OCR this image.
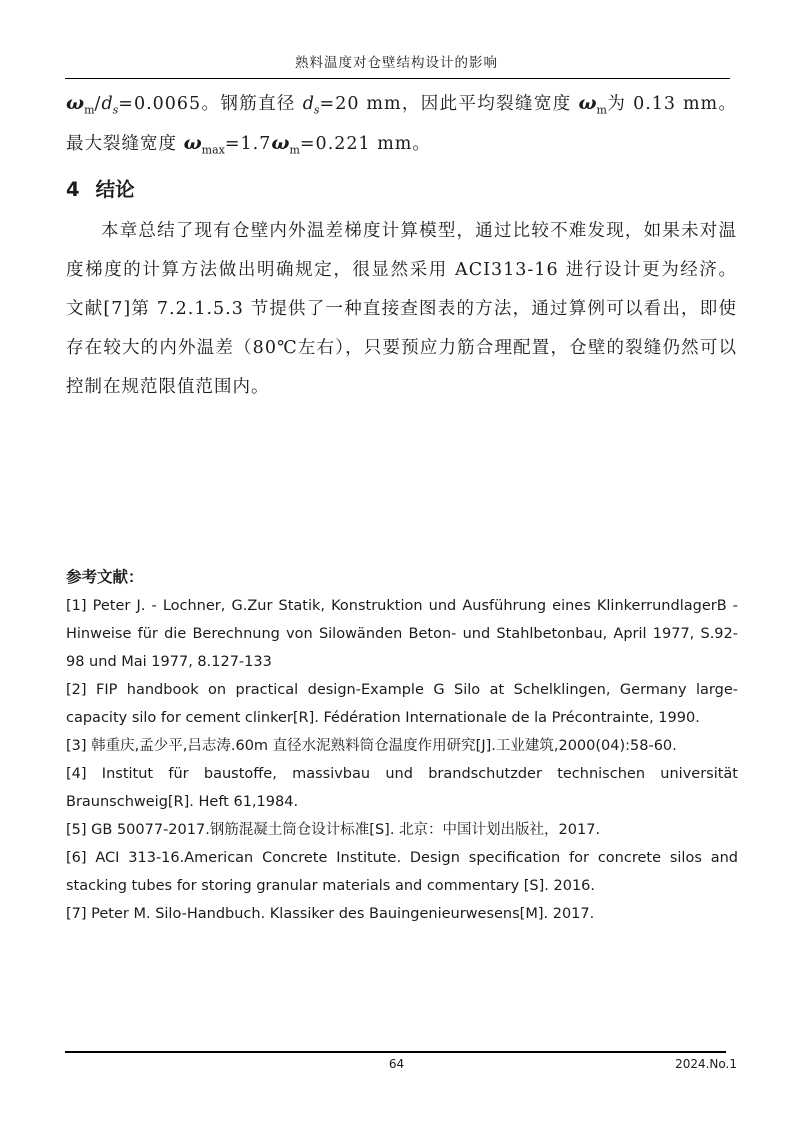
熟料温度对仓壁结构设计的影响

$\omega_m/d_s=0.0065$。钢筋直径 $d_s=20$ mm，因此平均裂缝宽度 $\omega_m$为 0.13 mm。最大裂缝宽度 $\omega_{max}=1.7\omega_m=0.221$ mm。

4 结论

本章总结了现有仓壁内外温差梯度计算模型，通过比较不难发现，如果未对温度梯度的计算方法做出明确规定，很显然采用 ACI313-16 进行设计更为经济。文献[7]第 7.2.1.5.3 节提供了一种直接查图表的方法，通过算例可以看出，即使存在较大的内外温差（80℃左右），只要预应力筋合理配置，仓壁的裂缝仍然可以控制在规范限值范围内。

参考文献：

[1] Peter J. - Lochner, G.Zur Statik, Konstruktion und Ausführung eines KlinkerrundlagerB - Hinweise für die Berechnung von Silowänden Beton- und Stahlbetonbau, April 1977, S.92-98 und Mai 1977, 8.127-133

[2] FIP handbook on practical design-Example G Silo at Schelklingen, Germany large-capacity silo for cement clinker[R]. Fédération Internationale de la Précontrainte, 1990.

[3] 韩重庆,孟少平,吕志涛.60m 直径水泥熟料筒仓温度作用研究[J].工业建筑,2000(04):58-60.

[4] Institut für baustoffe, massivbau und brandschutzder technischen universität Braunschweig[R]. Heft 61,1984.

[5] GB 50077-2017.钢筋混凝土筒仓设计标准[S]. 北京：中国计划出版社，2017.

[6] ACI 313-16.American Concrete Institute. Design specification for concrete silos and stacking tubes for storing granular materials and commentary [S]. 2016.

[7] Peter M. Silo-Handbuch. Klassiker des Bauingenieurwesens[M]. 2017.

64	2024.No.1
